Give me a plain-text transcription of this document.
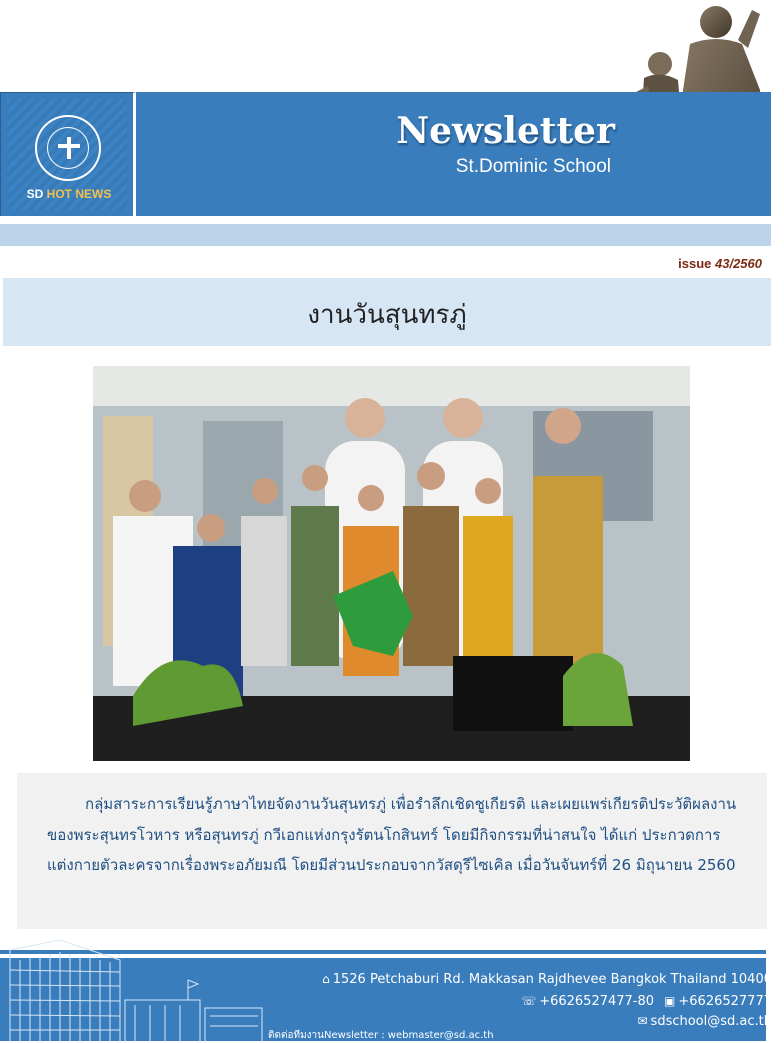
SD HOT NEWS
Newsletter
St.Dominic School
issue 43/2560
งานวันสุนทรภู่

กลุ่มสาระการเรียนรู้ภาษาไทยจัดงานวันสุนทรภู่ เพื่อรำลึกเชิดชูเกียรติ และเผยแพร่เกียรติประวัติผลงานของพระสุนทรโวหาร หรือสุนทรภู่ กวีเอกแห่งกรุงรัตนโกสินทร์ โดยมีกิจกรรมที่น่าสนใจ ได้แก่ ประกวดการแต่งกายตัวละครจากเรื่องพระอภัยมณี โดยมีส่วนประกอบจากวัสดุรีไซเคิล เมื่อวันจันทร์ที่ 26 มิถุนายน 2560

⌂ 1526 Petchaburi Rd. Makkasan Rajdhevee Bangkok Thailand 10400
☏ +6626527477-80 ▣ +6626527777
✉ sdschool@sd.ac.th
ติดต่อทีมงานNewsletter : webmaster@sd.ac.th
